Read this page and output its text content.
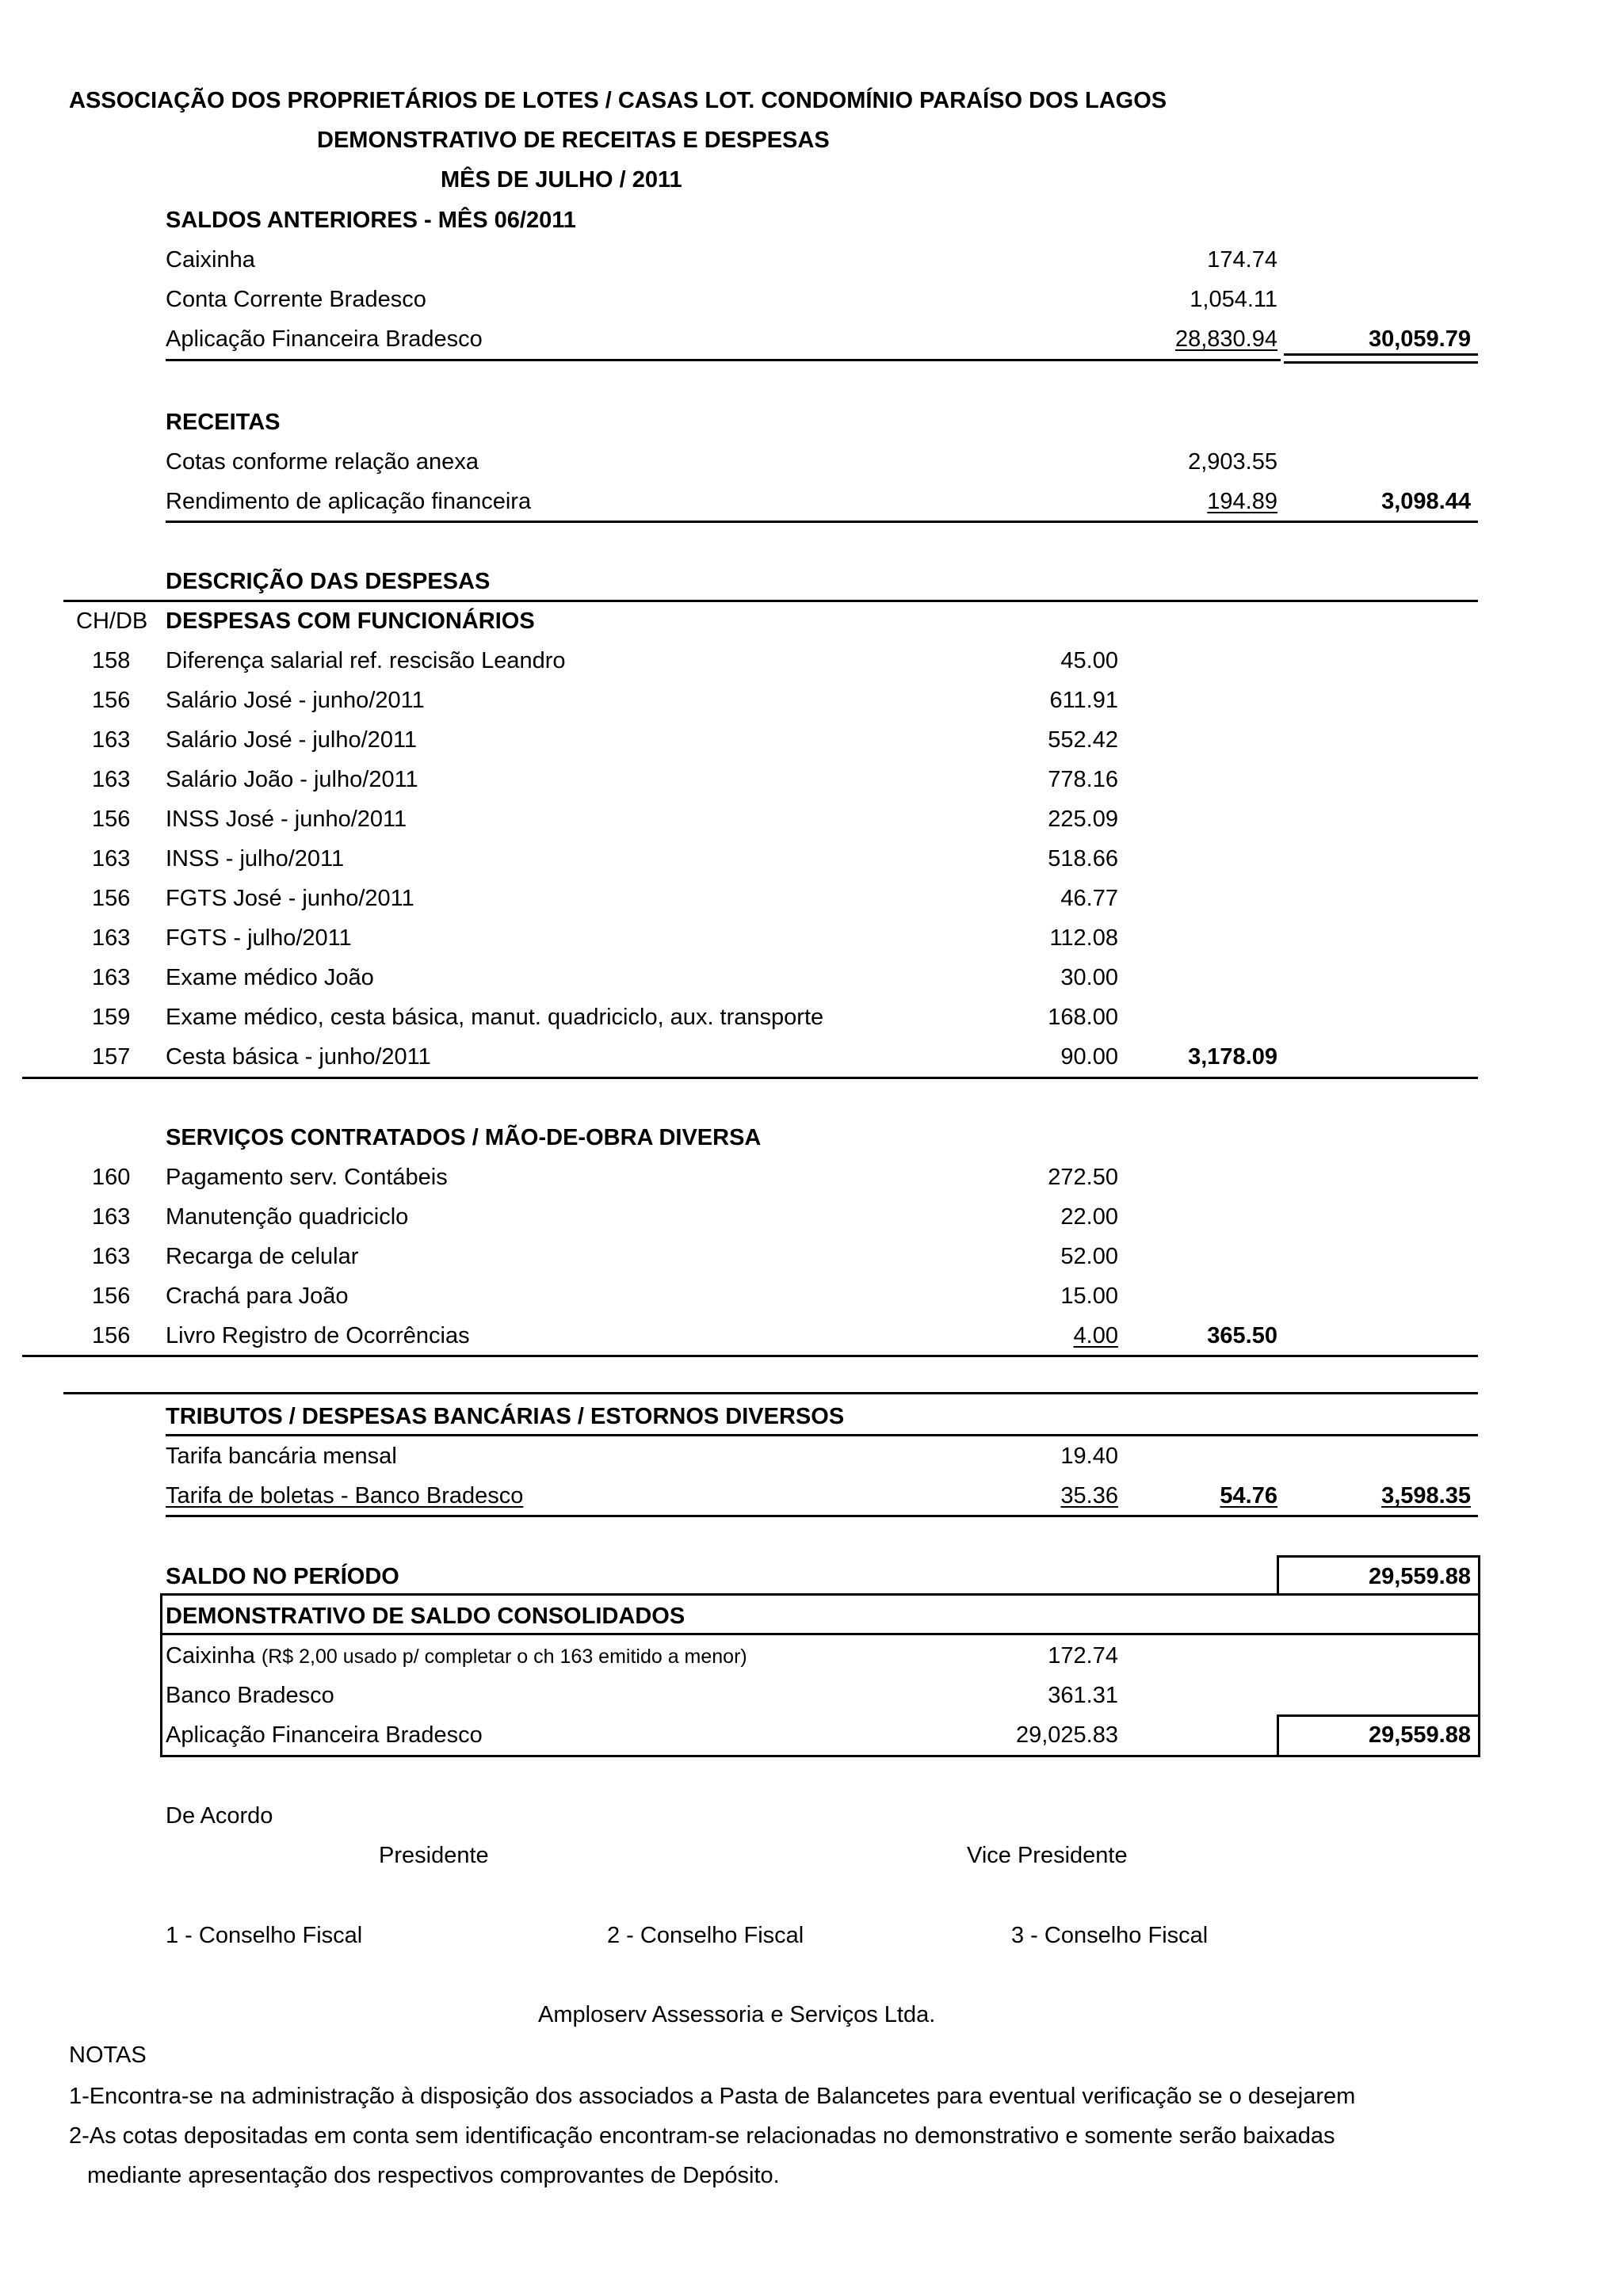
ASSOCIAÇÃO DOS PROPRIETÁRIOS DE LOTES / CASAS LOT. CONDOMÍNIO PARAÍSO DOS LAGOS
DEMONSTRATIVO DE RECEITAS E DESPESAS
MÊS DE JULHO / 2011
SALDOS ANTERIORES - MÊS 06/2011
Caixinha	174.74
Conta Corrente Bradesco	1,054.11
Aplicação Financeira Bradesco	28,830.94	30,059.79
RECEITAS
Cotas conforme relação anexa	2,903.55
Rendimento de aplicação financeira	194.89	3,098.44
DESCRIÇÃO DAS DESPESAS
CH/DB DESPESAS COM FUNCIONÁRIOS
158 Diferença salarial ref. rescisão Leandro	45.00
156 Salário José - junho/2011	611.91
163 Salário José - julho/2011	552.42
163 Salário João - julho/2011	778.16
156 INSS José - junho/2011	225.09
163 INSS - julho/2011	518.66
156 FGTS José - junho/2011	46.77
163 FGTS - julho/2011	112.08
163 Exame médico João	30.00
159 Exame médico, cesta básica, manut. quadriciclo, aux. transporte	168.00
157 Cesta básica - junho/2011	90.00	3,178.09
SERVIÇOS CONTRATADOS / MÃO-DE-OBRA DIVERSA
160 Pagamento serv. Contábeis	272.50
163 Manutenção quadriciclo	22.00
163 Recarga de celular	52.00
156 Crachá para João	15.00
156 Livro Registro de Ocorrências	4.00	365.50
TRIBUTOS / DESPESAS BANCÁRIAS / ESTORNOS DIVERSOS
Tarifa bancária mensal	19.40
Tarifa de boletas - Banco Bradesco	35.36	54.76	3,598.35
SALDO NO PERÍODO	29,559.88
DEMONSTRATIVO DE SALDO CONSOLIDADOS
Caixinha (R$ 2,00 usado p/ completar o ch 163 emitido a menor)	172.74
Banco Bradesco	361.31
Aplicação Financeira Bradesco	29,025.83	29,559.88
De Acordo
Presidente	Vice Presidente
1 - Conselho Fiscal	2 - Conselho Fiscal	3 - Conselho Fiscal
Amploserv Assessoria e Serviços Ltda.
NOTAS
1-Encontra-se na administração à disposição dos associados a Pasta de Balancetes para eventual verificação se o desejarem
2-As cotas depositadas em conta sem identificação encontram-se relacionadas no demonstrativo e somente serão baixadas
mediante apresentação dos respectivos comprovantes de Depósito.
